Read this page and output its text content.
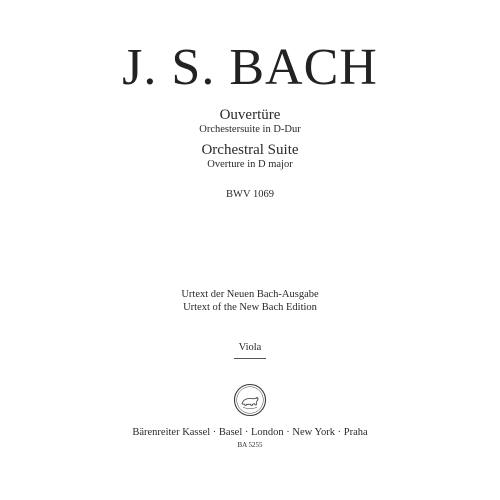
J. S. BACH
Ouvertüre
Orchestersuite in D-Dur
Orchestral Suite
Overture in D major
BWV 1069
Urtext der Neuen Bach-Ausgabe
Urtext of the New Bach Edition
Viola
Bärenreiter Kassel · Basel · London · New York · Praha
BA 5255
